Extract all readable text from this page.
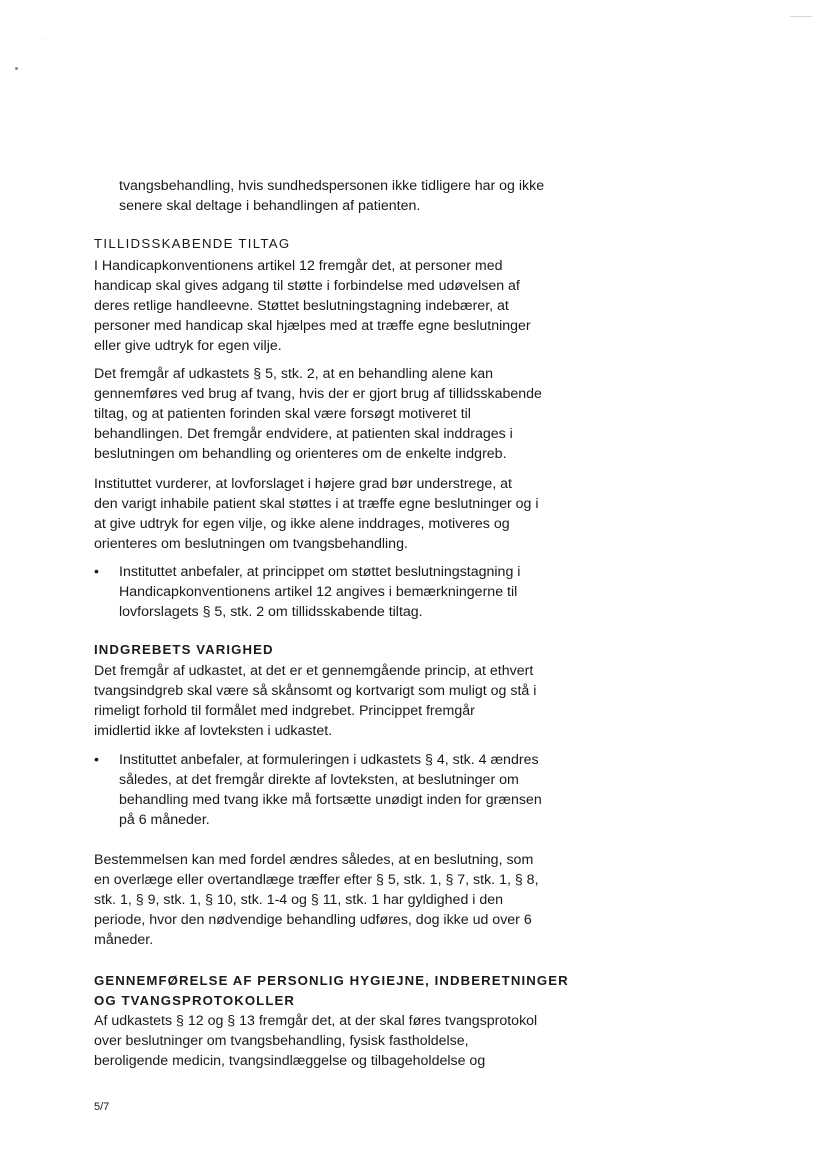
tvangsbehandling, hvis sundhedspersonen ikke tidligere har og ikke
senere skal deltage i behandlingen af patienten.
TILLIDSSKABENDE TILTAG
I Handicapkonventionens artikel 12 fremgår det, at personer med
handicap skal gives adgang til støtte i forbindelse med udøvelsen af
deres retlige handleevne. Støttet beslutningstagning indebærer, at
personer med handicap skal hjælpes med at træffe egne beslutninger
eller give udtryk for egen vilje.
Det fremgår af udkastets § 5, stk. 2, at en behandling alene kan
gennemføres ved brug af tvang, hvis der er gjort brug af tillidsskabende
tiltag, og at patienten forinden skal være forsøgt motiveret til
behandlingen. Det fremgår endvidere, at patienten skal inddrages i
beslutningen om behandling og orienteres om de enkelte indgreb.
Instituttet vurderer, at lovforslaget i højere grad bør understrege, at
den varigt inhabile patient skal støttes i at træffe egne beslutninger og i
at give udtryk for egen vilje, og ikke alene inddrages, motiveres og
orienteres om beslutningen om tvangsbehandling.
•	Instituttet anbefaler, at princippet om støttet beslutningstagning i
Handicapkonventionens artikel 12 angives i bemærkningerne til
lovforslagets § 5, stk. 2 om tillidsskabende tiltag.
INDGREBETS VARIGHED
Det fremgår af udkastet, at det er et gennemgående princip, at ethvert
tvangsindgreb skal være så skånsomt og kortvarigt som muligt og stå i
rimeligt forhold til formålet med indgrebet. Princippet fremgår
imidlertid ikke af lovteksten i udkastet.
•	Instituttet anbefaler, at formuleringen i udkastets § 4, stk. 4 ændres
således, at det fremgår direkte af lovteksten, at beslutninger om
behandling med tvang ikke må fortsætte unødigt inden for grænsen
på 6 måneder.
Bestemmelsen kan med fordel ændres således, at en beslutning, som
en overlæge eller overtandlæge træffer efter § 5, stk. 1, § 7, stk. 1, § 8,
stk. 1, § 9, stk. 1, § 10, stk. 1-4 og § 11, stk. 1 har gyldighed i den
periode, hvor den nødvendige behandling udføres, dog ikke ud over 6
måneder.
GENNEMFØRELSE AF PERSONLIG HYGIEJNE, INDBERETNINGER
OG TVANGSPROTOKOLLER
Af udkastets § 12 og § 13 fremgår det, at der skal føres tvangsprotokol
over beslutninger om tvangsbehandling, fysisk fastholdelse,
beroligende medicin, tvangsindlæggelse og tilbageholdelse og
5/7
